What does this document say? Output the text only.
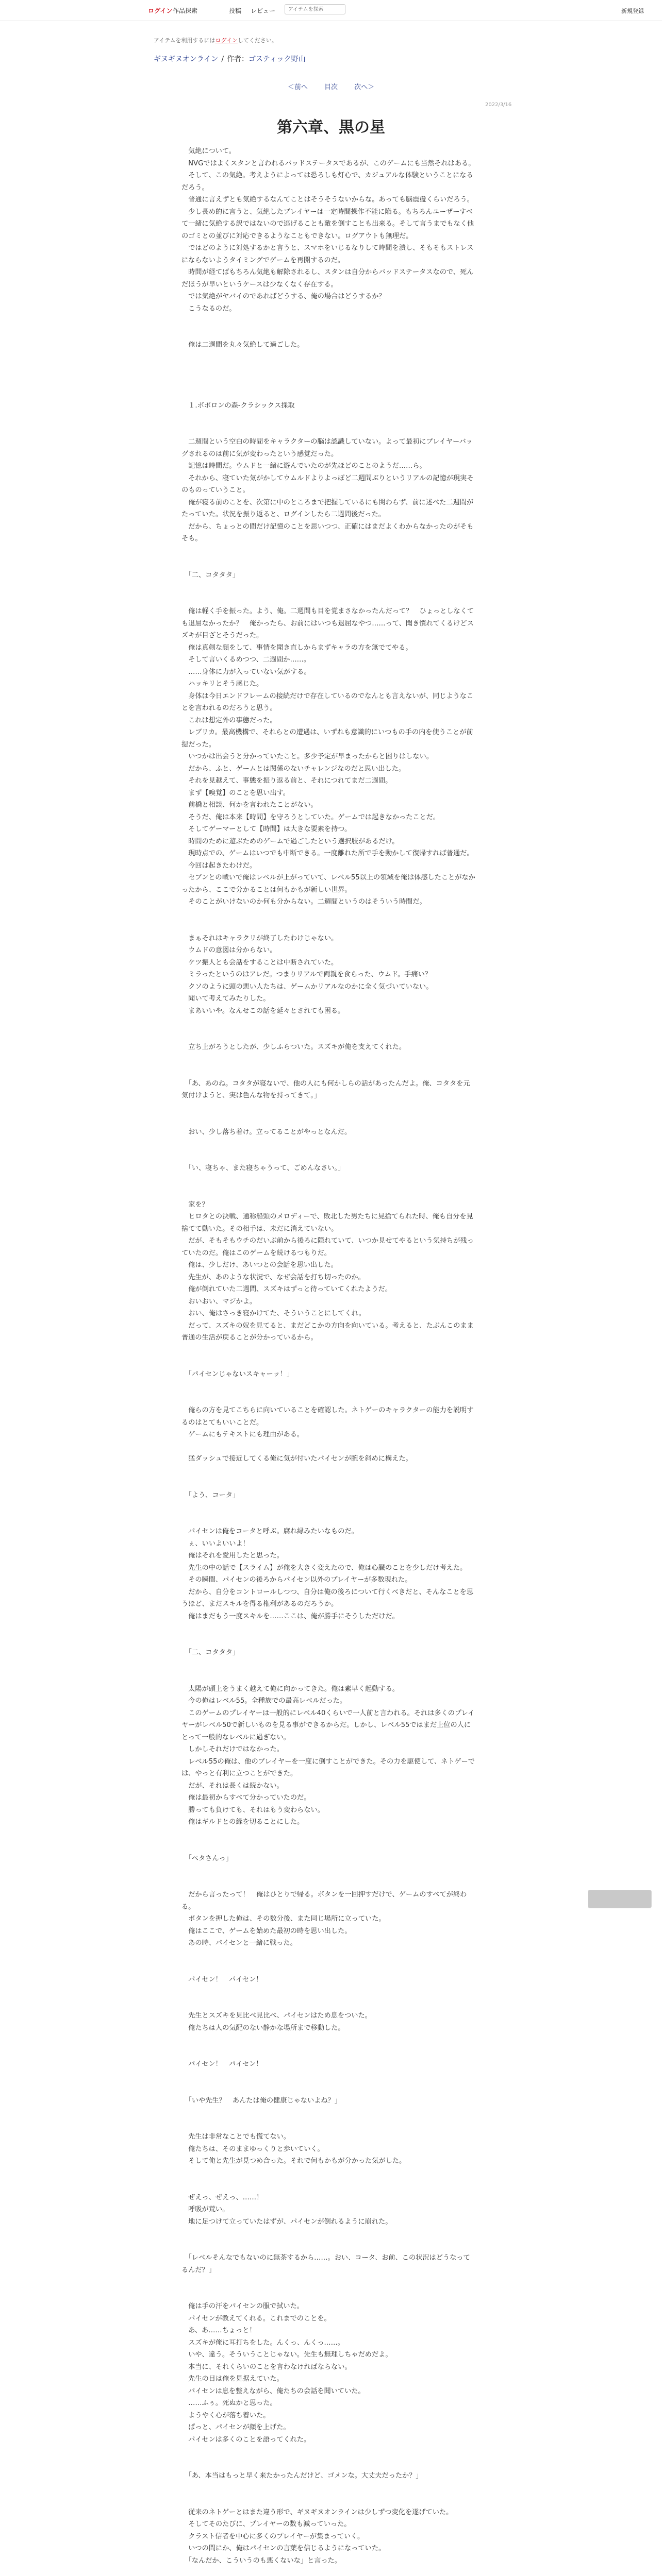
ログイン 作品探索	投稿 レビュー
アイテムを探索	新規登録
アイテムを利用するにはログインしてください。
ギヌギヌオンライン / 作者：ゴスティック野山
＜前へ 目次 次へ＞
2022/3/16
第六章、黒の星
　気絶について。
　NVGではよくスタンと言われるバッドステータスであるが、このゲームにも当然それはある。
　そして、この気絶。考えようによっては恐ろしも灯心で、カジュアルな体験ということになるだろう。
　普通に言えずとも気絶するなんてことはそうそうないからな。あっても脳震盪くらいだろう。
　少し長め的に言うと、気絶したプレイヤーは一定時間操作不能に陥る。もちろんユーザーすべて一緒に気絶する訳ではないので逃げることも敵を倒すことも出来る。そして言うまでもなく他のゴミとの並びに対応できるようなこともできない。ログアウトも無理だ。
　ではどのように対処するかと言うと、スマホをいじるなりして時間を潰し、そもそもストレスにならないようタイミングでゲームを再開するのだ。
　時間が経てばもちろん気絶も解除されるし、スタンは自分からバッドステータスなので、死んだほうが早いというケースは少なくなく存在する。
　では気絶がヤバイのであればどうする、俺の場合はどうするか？
　こうなるのだ。

　俺は二週間を丸々気絶して過ごした。

　１.ボボロンの森-クラシックス採取

　二週間という空白の時間をキャラクターの脳は認識していない。よって最初にプレイヤーバッグされるのは前に気が変わったという感覚だった。
　記憶は時間だ。ウムドと一緒に遊んでいたのが先ほどのことのようだ……ら。
　それから、寝ていた気がかしてウムルドよりよっぽど二週間ぶりというリアルの記憶が現実そのものっていうこと。
　俺が寝る前のことを、次第に中のところまで把握しているにも関わらず、前に述べた二週間がたっていた。状況を振り返ると、ログインしたら二週間後だった。
　だから、ちょっとの間だけ記憶のことを思いつつ、正確にはまだよくわからなかったのがそもそも。

　「二、コタタタ」

　俺は軽く手を振った。よう、俺。二週間も目を覚まさなかったんだって？　ひょっとしなくても退屈なかったか？　俺かったら、お前にはいつも退屈なやつ……って、聞き慣れてくるけどスズキが目ざとそうだった。
　俺は真剣な顔をして、事情を聞き直しからまずキャラの方を無でてやる。
　そして言いくるめつつ、二週間か……。
　……身体に力が入っていない気がする。
　ハッキリとそう感じた。
　身体は今日エンドフレームの接続だけで存在しているのでなんとも言えないが、同じようなことを言われるのだろうと思う。
　これは想定外の事態だった。
　レブリカ。最高機構で、それらとの遭遇は、いずれも意識的にいつもの手の内を使うことが前提だった。
　いつかは出会うと分かっていたこと。多少予定が早まったからと困りはしない。
　だから、ふと、ゲームとは関係のないチャレンジなのだと思い出した。
　それを見越えて、事態を振り返る前と、それにつれてまだ二週間。
　まず【嗅覚】のことを思い出す。
　前橋と相談、何かを言われたことがない。
　そうだ、俺は本来【時間】を守ろうとしていた。ゲームでは起きなかったことだ。
　そしてゲーマーとして【時間】は大きな要素を持つ。
　時間のために遊ぶためのゲームで過ごしたという選択肢があるだけ。
　現時点での、ゲームはいつでも中断できる。一度離れた所で手を動かして復帰すれば普通だ。
　今回は起きたわけだ。
　セブンとの戦いで俺はレベルが上がっていて、レベル55以上の領域を俺は体感したことがなかったから、ここで分かることは何もかもが新しい世界。
　そのことがいけないのか何も分からない。二週間というのはそういう時間だ。

　まぁそれはキャラクリが終了したわけじゃない。
　ウムドの意図は分からない。
　ケツ振人とも会話をすることは中断されていた。
　ミラったというのはアレだ。つまりリアルで両親を食らった、ウムド。手痛い？
　クソのように頭の悪い人たちは、ゲームかリアルなのかに全く気づいていない。
　聞いて考えてみたりした。
　まあいいや。なんせこの話を延々とされても困る。

　立ち上がろうとしたが、少しふらついた。スズキが俺を支えてくれた。

　「あ、あのね。コタタが寝ないで、他の人にも何かしらの話があったんだよ。俺、コタタを元気付けようと、実は色んな物を持ってきて。」

　おい、少し落ち着け。立ってることがやっとなんだ。

　「い、寝ちゃ、また寝ちゃうって、ごめんなさい。」

　家を？
　ヒロタとの決戦、通称船頭のメロディーで、敗北した男たちに見捨てられた時、俺も自分を見捨てて動いた。その相手は、未だに消えていない。
　だが、そもそもウチのだいぶ前から後ろに隠れていて、いつか見せてやるという気持ちが残っていたのだ。俺はこのゲームを続けるつもりだ。
　俺は、少しだけ、あいつとの会話を思い出した。
　先生が、あのような状況で、なぜ会話を打ち切ったのか。
　俺が倒れていた二週間、スズキはずっと待っていてくれたようだ。
　おいおい、マジかよ。
　おい、俺はさっき寝かけてた、そういうことにしてくれ。
　だって、スズキの奴を見てると、まだどこかの方向を向いている。考えると、たぶんこのまま普通の生活が戻ることが分かっているから。

　「パイセンじゃないスキャーッ！」

　俺らの方を見てこちらに向いていることを確認した。ネトゲーのキャラクターの能力を説明するのはとてもいいことだ。
　ゲームにもテキストにも理由がある。

　猛ダッシュで接近してくる俺に気が付いたパイセンが腕を斜めに構えた。

　「よう、コータ」

　パイセンは俺をコータと呼ぶ。腐れ縁みたいなものだ。
　ぇ、いいよいいよ！
　俺はそれを愛用したと思った。
　先生の中の話で【スライム】が俺を大きく変えたので、俺は心臓のことを少しだけ考えた。
　その瞬間、パイセンの後ろからパイセン以外のプレイヤーが多数現れた。
　だから、自分をコントロールしつつ、自分は俺の後ろについて行くべきだと、そんなことを思うほど、まだスキルを得る権利があるのだろうか。
　俺はまだもう一度スキルを……ここは、俺が勝手にそうしただけだ。

　「二、コタタタ」

　太陽が頭上をうまく越えて俺に向かってきた。俺は素早く起動する。
　今の俺はレベル55。全種族での最高レベルだった。
　このゲームのプレイヤーは一般的にレベル40くらいで一人前と言われる。それは多くのプレイヤーがレベル50で新しいものを見る事ができるからだ。しかし、レベル55ではまだ上位の人にとって一般的なレベルに過ぎない。
　しかしそれだけではなかった。
　レベル55の俺は、他のプレイヤーを一度に倒すことができた。その力を駆使して、ネトゲーでは、やっと有利に立つことができた。
　だが、それは長くは続かない。
　俺は最初からすべて分かっていたのだ。
　勝っても負けても、それはもう変わらない。
　俺はギルドとの縁を切ることにした。

　「ペタさんっ」

　だから言ったって！　俺はひとりで帰る。ボタンを一回押すだけで、ゲームのすべてが終わる。
　ボタンを押した俺は、その数分後、また同じ場所に立っていた。
　俺はここで、ゲームを始めた最初の時を思い出した。
　あの時、パイセンと一緒に戦った。

　パイセン！　パイセン！

　先生とスズキを見比べ見比べ、パイセンはため息をついた。
　俺たちは人の気配のない静かな場所まで移動した。

　パイセン！　パイセン！

　「いや先生？　あんたは俺の健康じゃないよね？」

　先生は非常なことでも慌てない。
　俺たちは、そのままゆっくりと歩いていく。
　そして俺と先生が見つめ合った。それで何もかもが分かった気がした。

　ぜえっ、ぜえっ、……！
　呼吸が荒い。
　地に足つけて立っていたはずが、パイセンが倒れるように崩れた。

　「レベルそんなでもないのに無茶するから……。おい、コータ、お前、この状況はどうなってるんだ？」

　俺は手の汗をパイセンの服で拭いた。
　パイセンが教えてくれる。これまでのことを。
　あ、あ……ちょっと！
　スズキが俺に耳打ちをした。んくっ、んくっ……。
　いや、違う。そういうことじゃない。先生も無理しちゃだめだよ。
　本当に、それくらいのことを言わなければならない。
　先生の目は俺を見据えていた。
　パイセンは息を整えながら、俺たちの会話を聞いていた。
　……ふぅ。死ぬかと思った。
　ようやく心が落ち着いた。
　ぱっと、パイセンが顔を上げた。
　パイセンは多くのことを語ってくれた。

　「あ、本当はもっと早く来たかったんだけど、ゴメンな。大丈夫だったか？」

　従来のネトゲーとはまた違う形で、ギヌギヌオンラインは少しずつ変化を遂げていた。
　そしてそのたびに、プレイヤーの数も減っていった。
　クラスト信者を中心に多くのプレイヤーが集まっていく。
　いつの間にか、俺はパイセンの言葉を信じるようになっていた。
　「なんだか、こういうのも悪くないな」と言った。
